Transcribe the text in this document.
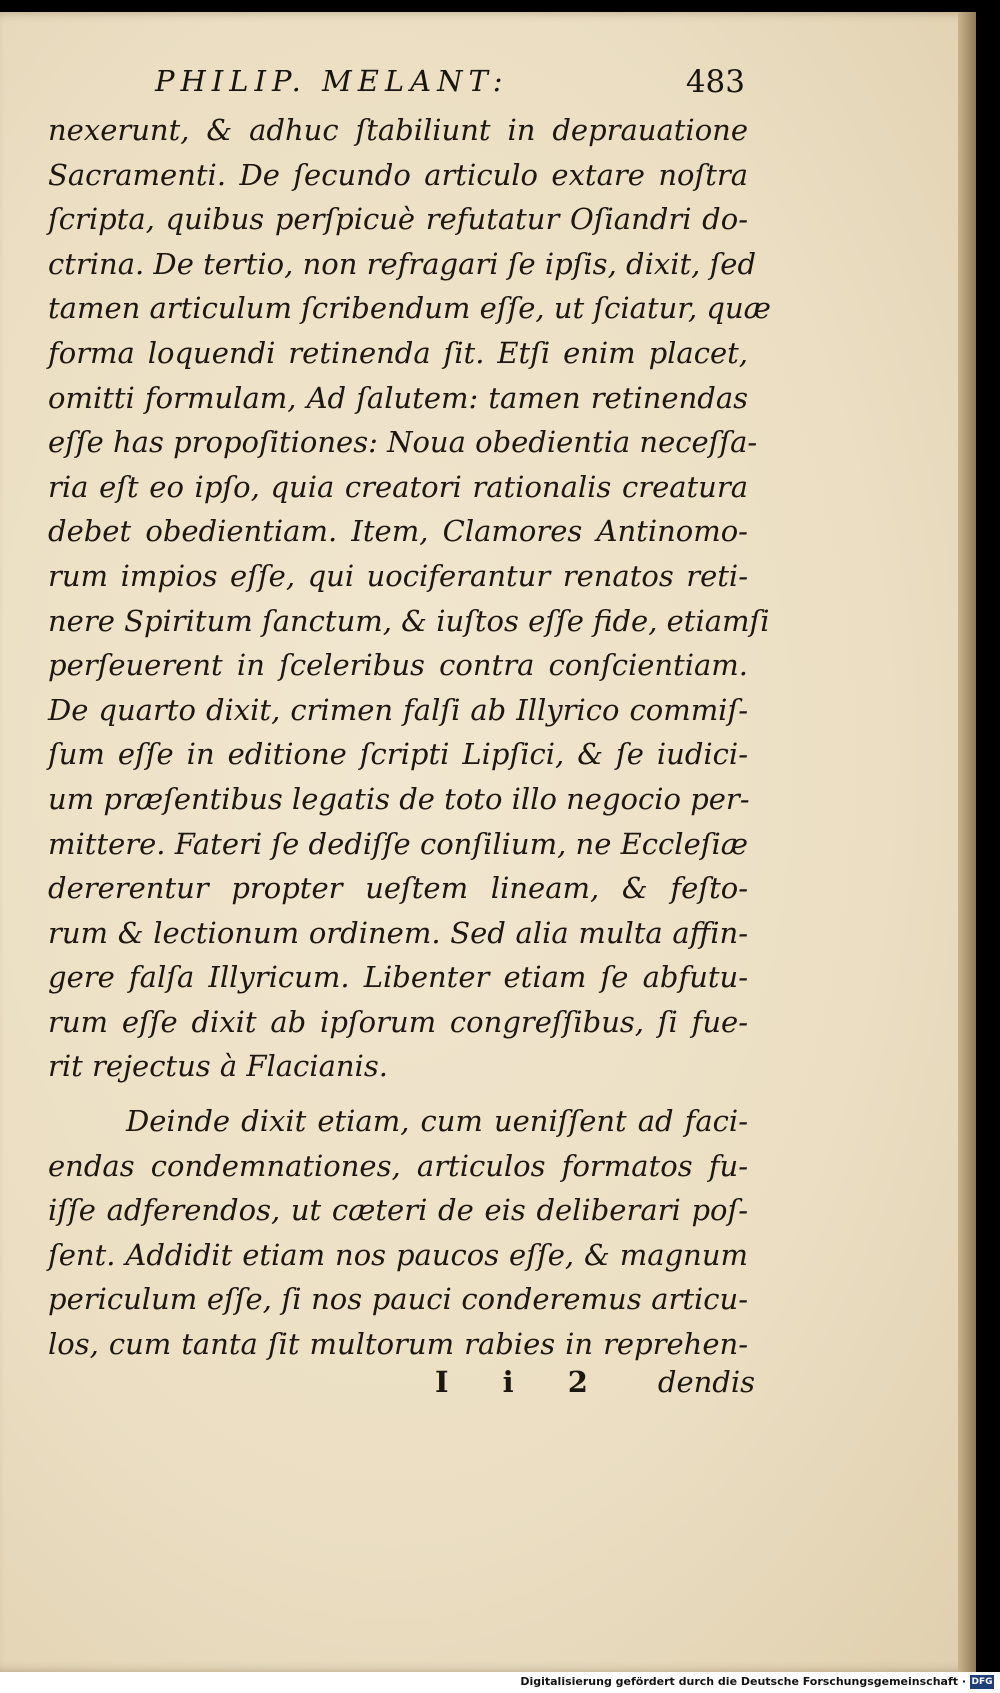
PHILIP. MELANT:	483
nexerunt, & adhuc ſtabiliunt in deprauatione
Sacramenti. De ſecundo articulo extare noſtra
ſcripta, quibus perſpicuè refutatur Oſiandri do-
ctrina. De tertio, non refragari ſe ipſis, dixit, ſed
tamen articulum ſcribendum eſſe, ut ſciatur, quæ
forma loquendi retinenda ſit. Etſi enim placet,
omitti formulam, Ad ſalutem: tamen retinendas
eſſe has propoſitiones: Noua obedientia neceſſa-
ria eſt eo ipſo, quia creatori rationalis creatura
debet obedientiam. Item, Clamores Antinomo-
rum impios eſſe, qui uociferantur renatos reti-
nere Spiritum ſanctum, & iuſtos eſſe fide, etiamſi
perſeuerent in ſceleribus contra conſcientiam.
De quarto dixit, crimen falſi ab Illyrico commiſ-
ſum eſſe in editione ſcripti Lipſici, & ſe iudici-
um præſentibus legatis de toto illo negocio per-
mittere. Fateri ſe dediſſe conſilium, ne Eccleſiæ
dererentur propter ueſtem lineam, & feſto-
rum & lectionum ordinem. Sed alia multa affin-
gere falſa Illyricum. Libenter etiam ſe abfutu-
rum eſſe dixit ab ipſorum congreſſibus, ſi fue-
rit rejectus à Flacianis.
Deinde dixit etiam, cum ueniſſent ad faci-
endas condemnationes, articulos formatos fu-
iſſe adferendos, ut cæteri de eis deliberari poſ-
ſent. Addidit etiam nos paucos eſſe, & magnum
periculum eſſe, ſi nos pauci conderemus articu-
los, cum tanta ſit multorum rabies in reprehen-
I i 2 dendis
Digitalisierung gefördert durch die Deutsche Forschungsgemeinschaft · DFG
